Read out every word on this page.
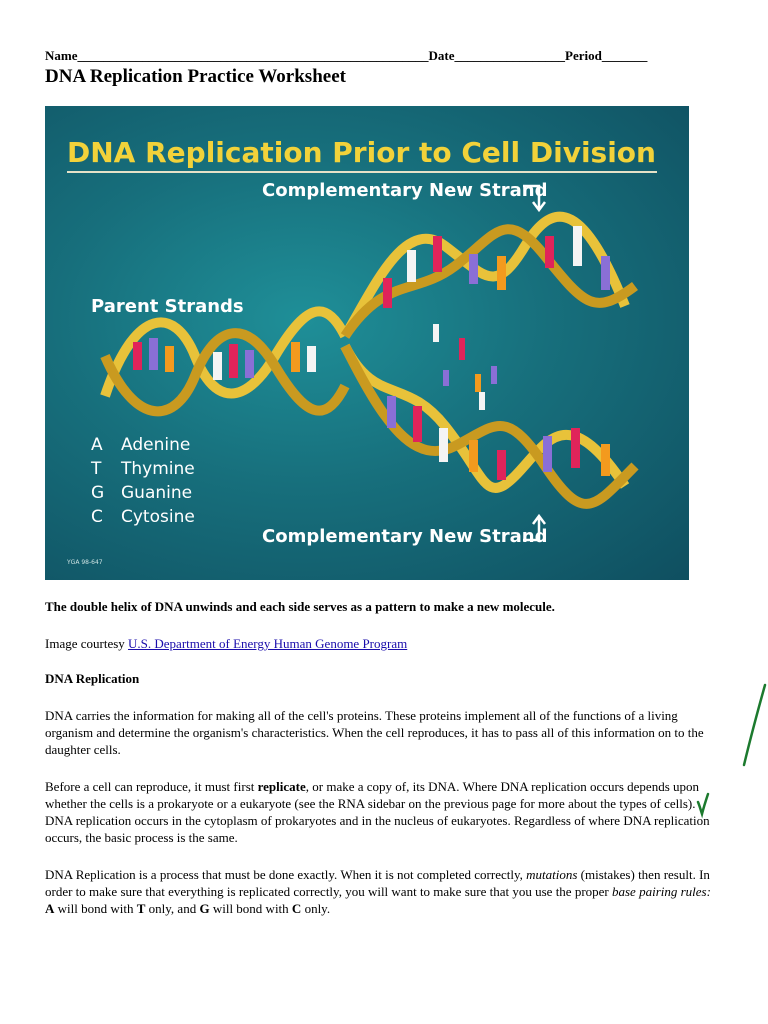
Name______________________________________________________Date_________________Period_______
DNA Replication Practice Worksheet
DNA Replication Prior to Cell Division
Complementary New Strand
Parent Strands
A Adenine
T Thymine
G Guanine
C Cytosine
Complementary New Strand
YGA 98-647
The double helix of DNA unwinds and each side serves as a pattern to make a new molecule.
Image courtesy U.S. Department of Energy Human Genome Program
DNA Replication
DNA carries the information for making all of the cell's proteins. These proteins implement all of the functions of a living organism and determine the organism's characteristics. When the cell reproduces, it has to pass all of this information on to the daughter cells.
Before a cell can reproduce, it must first replicate, or make a copy of, its DNA. Where DNA replication occurs depends upon whether the cells is a prokaryote or a eukaryote (see the RNA sidebar on the previous page for more about the types of cells). DNA replication occurs in the cytoplasm of prokaryotes and in the nucleus of eukaryotes. Regardless of where DNA replication occurs, the basic process is the same.
DNA Replication is a process that must be done exactly. When it is not completed correctly, mutations (mistakes) then result. In order to make sure that everything is replicated correctly, you will want to make sure that you use the proper base pairing rules: A will bond with T only, and G will bond with C only.
